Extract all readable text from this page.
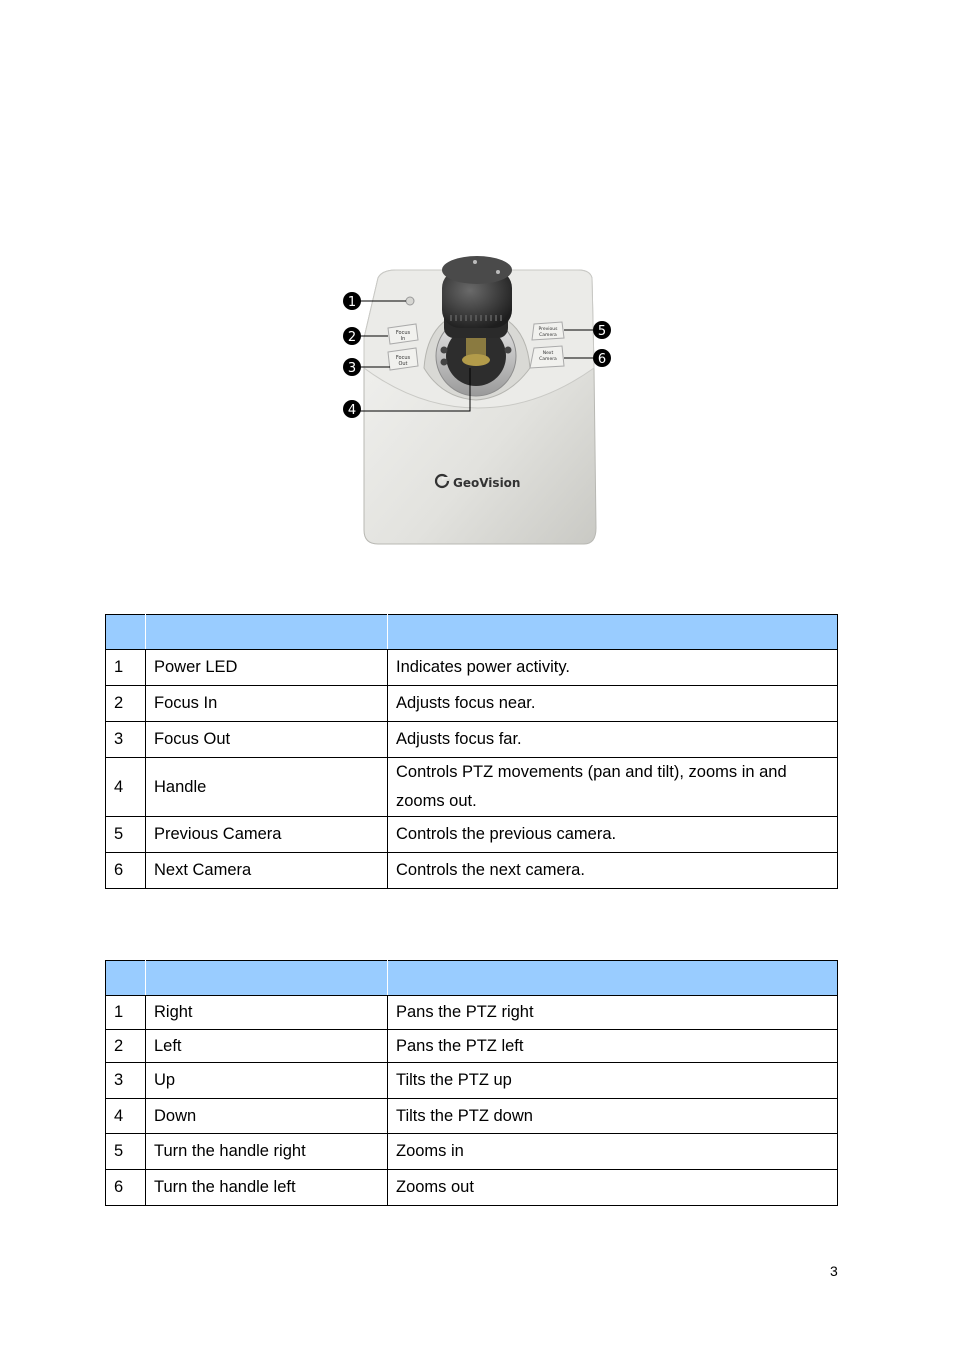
Focus
In
Focus
Out
Previous
Camera
Next
Camera
GeoVision
1
2
3
4
5
6

1	Power LED	Indicates power activity.
2	Focus In	Adjusts focus near.
3	Focus Out	Adjusts focus far.
4	Handle	Controls PTZ movements (pan and tilt), zooms in and zooms out.
5	Previous Camera	Controls the previous camera.
6	Next Camera	Controls the next camera.

1	Right	Pans the PTZ right
2	Left	Pans the PTZ left
3	Up	Tilts the PTZ up
4	Down	Tilts the PTZ down
5	Turn the handle right	Zooms in
6	Turn the handle left	Zooms out
3
